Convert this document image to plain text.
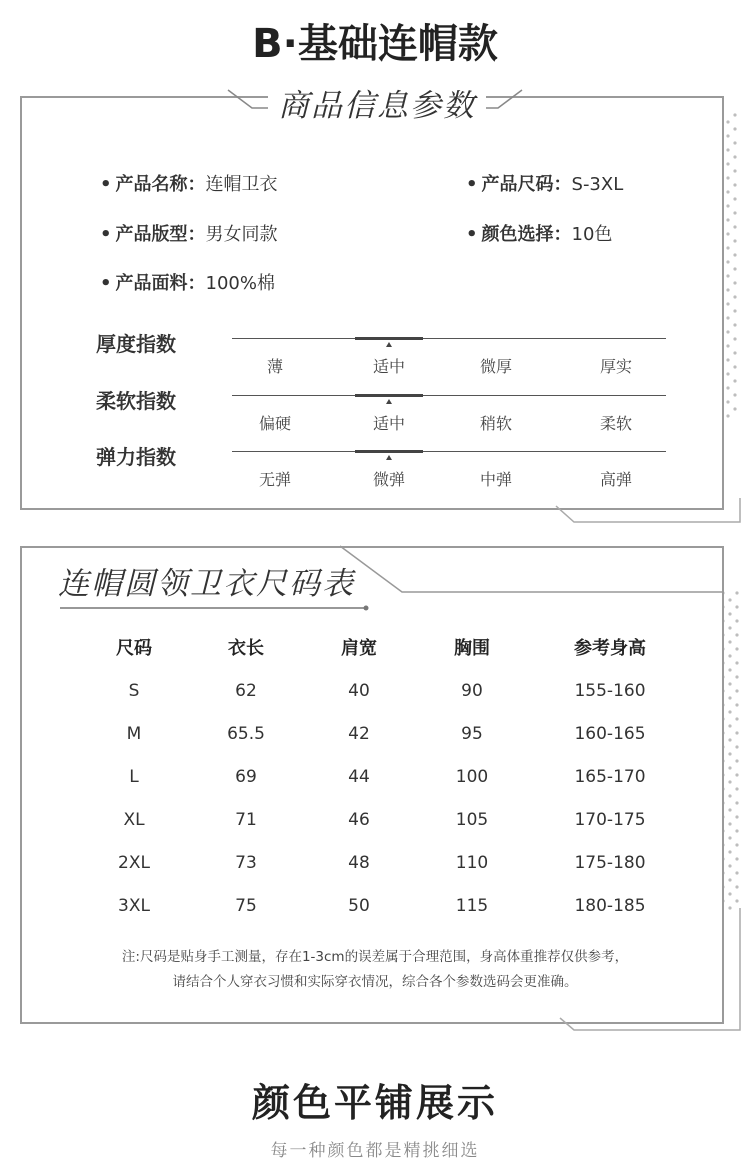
B·基础连帽款
商品信息参数
• 产品名称：连帽卫衣	• 产品尺码：S-3XL
• 产品版型：男女同款	• 颜色选择：10色
• 产品面料：100%棉
厚度指数
薄	适中	微厚	厚实
柔软指数
偏硬	适中	稍软	柔软
弹力指数
无弹	微弹	中弹	高弹
连帽圆领卫衣尺码表
尺码	衣长	肩宽	胸围	参考身高
S	62	40	90	155-160
M	65.5	42	95	160-165
L	69	44	100	165-170
XL	71	46	105	170-175
2XL	73	48	110	175-180
3XL	75	50	115	180-185
注:尺码是贴身手工测量，存在1-3cm的误差属于合理范围，身高体重推荐仅供参考，
请结合个人穿衣习惯和实际穿衣情况，综合各个参数选码会更准确。
颜色平铺展示
每一种颜色都是精挑细选
